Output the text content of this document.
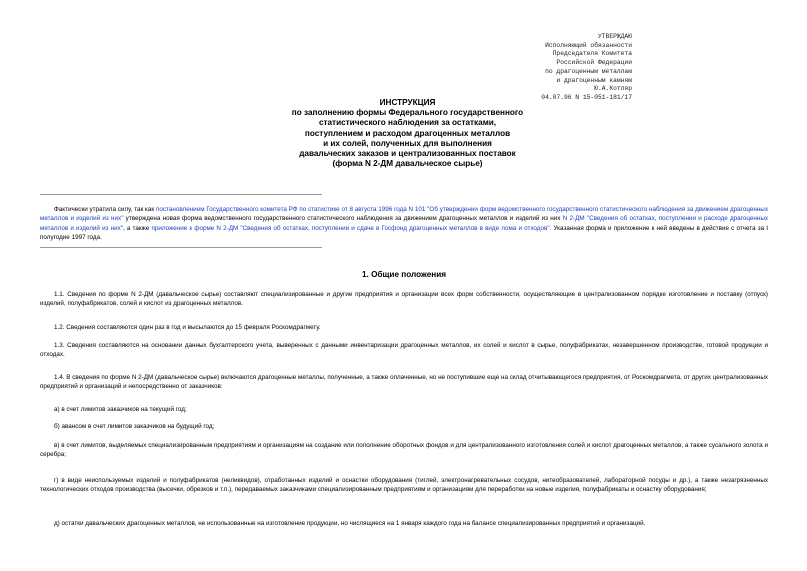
УТВЕРЖДАЮ
Исполняющий обязанности
Председателя Комитета
Российской Федерации
по драгоценным металлам
и драгоценным камням
Ю.А.Котляр
04.07.96 N 15-051-181/17
ИНСТРУКЦИЯ
по заполнению формы Федерального государственного
статистического наблюдения за остатками,
поступлением и расходом драгоценных металлов
и их солей, полученных для выполнения
давальческих заказов и централизованных поставок
(форма N 2-ДМ давальческое сырье)
Фактически утратила силу, так как постановлением Государственного комитета РФ по статистике от 8 августа 1996 года N 101 "Об утверждении форм ведомственного государственного статистического наблюдения за движением драгоценных металлов и изделий из них" утверждена новая форма ведомственного государственного статистического наблюдения за движением драгоценных металлов и изделий из них N 2-ДМ "Сведения об остатках, поступлении и расходе драгоценных металлов и изделий из них", а также приложение к форме N 2-ДМ "Сведения об остатках, поступлении и сдаче в Госфонд драгоценных металлов в виде лома и отходов". Указанная форма и приложение к ней введены в действие с отчета за I полугодие 1997 года.
1. Общие положения
1.1. Сведения по форме N 2-ДМ (давальческое сырье) составляют специализированные и другие предприятия и организации всех форм собственности, осуществляющие в централизованном порядке изготовление и поставку (отпуск) изделий, полуфабрикатов, солей и кислот из драгоценных металлов.
1.2. Сведения составляются один раз в год и высылаются до 15 февраля Роскомдрагмету.
1.3. Сведения составляются на основании данных бухгалтерского учета, выверенных с данными инвентаризации драгоценных металлов, их солей и кислот в сырье, полуфабрикатах, незавершенном производстве, готовой продукции и отходах.
1.4. В сведения по форме N 2-ДМ (давальческое сырье) включаются драгоценные металлы, полученные, а также оплаченные, но не поступившие еще на склад отчитывающегося предприятия, от Роскомдрагмета, от других централизованных предприятий и организаций и непосредственно от заказчиков:
а) в счет лимитов заказчиков на текущий год;
б) авансом в счет лимитов заказчиков на будущий год;
в) в счет лимитов, выделяемых специализированным предприятиям и организациям на создание или пополнение оборотных фондов и для централизованного изготовления солей и кислот драгоценных металлов, а также сусального золота и серебра;
г) в виде неиспользуемых изделий и полуфабрикатов (неликвидов), отработанных изделий и оснастки оборудования (тиглей, электронагревательных сосудов, нитеобразователей, лабораторной посуды и др.), а также незагрязненных технологических отходов производства (высечки, обрезков и т.п.), передаваемых заказчиками специализированным предприятиям и организациям для переработки на новые изделия, полуфабрикаты и оснастку оборудования;
д) остатки давальческих драгоценных металлов, не использованные на изготовление продукции, но числящиеся на 1 января каждого года на балансе специализированных предприятий и организаций.
